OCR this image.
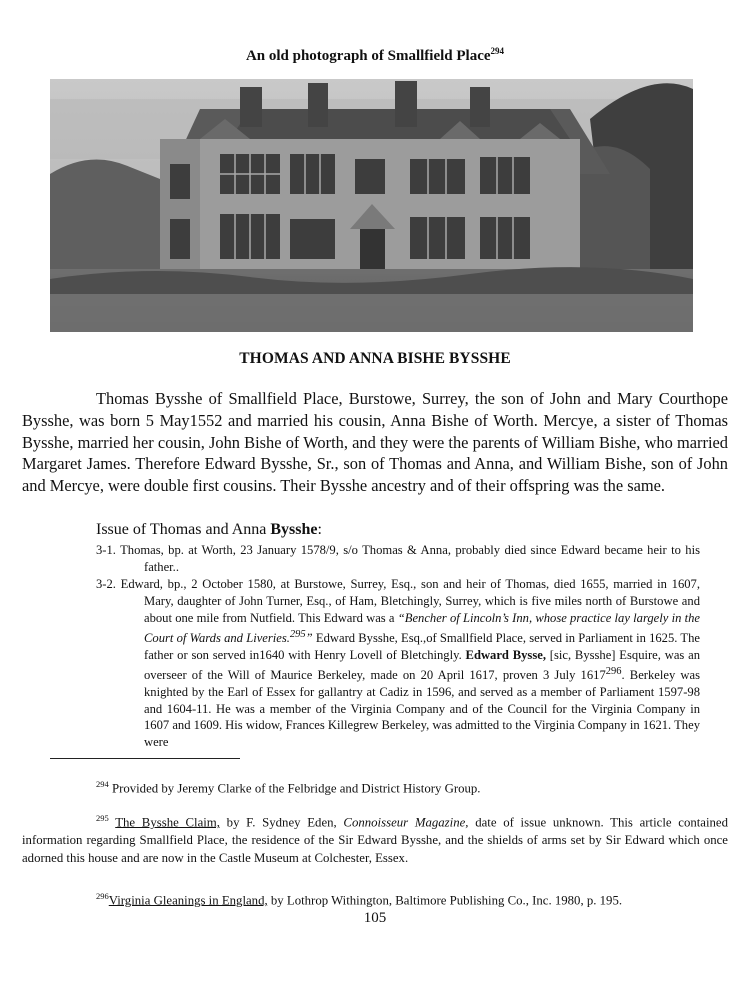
An old photograph of Smallfield Place$^{294}$
THOMAS AND ANNA BISHE BYSSHE

Thomas Bysshe of Smallfield Place, Burstowe, Surrey, the son of John and Mary Courthope Bysshe, was born 5 May1552 and married his cousin, Anna Bishe of Worth. Mercye, a sister of Thomas Bysshe, married her cousin, John Bishe of Worth, and they were the parents of William Bishe, who married Margaret James. Therefore Edward Bysshe, Sr., son of Thomas and Anna, and William Bishe, son of John and Mercye, were double first cousins. Their Bysshe ancestry and of their offspring was the same.

Issue of Thomas and Anna Bysshe:

3-1. Thomas, bp. at Worth, 23 January 1578/9, s/o Thomas & Anna, probably died since Edward became heir to his father..

3-2. Edward, bp., 2 October 1580, at Burstowe, Surrey, Esq., son and heir of Thomas, died 1655, married in 1607, Mary, daughter of John Turner, Esq., of Ham, Bletchingly, Surrey, which is five miles north of Burstowe and about one mile from Nutfield. This Edward was a “Bencher of Lincoln’s Inn, whose practice lay largely in the Court of Wards and Liveries.$^{295}$” Edward Bysshe, Esq.,of Smallfield Place, served in Parliament in 1625. The father or son served in1640 with Henry Lovell of Bletchingly. Edward Bysse, [sic, Bysshe] Esquire, was an overseer of the Will of Maurice Berkeley, made on 20 April 1617, proven 3 July 1617$^{296}$. Berkeley was knighted by the Earl of Essex for gallantry at Cadiz in 1596, and served as a member of Parliament 1597-98 and 1604-11. He was a member of the Virginia Company and of the Council for the Virginia Company in 1607 and 1609. His widow, Frances Killegrew Berkeley, was admitted to the Virginia Company in 1621. They were

$^{294}$ Provided by Jeremy Clarke of the Felbridge and District History Group.

$^{295}$ The Bysshe Claim, by F. Sydney Eden, Connoisseur Magazine, date of issue unknown. This article contained information regarding Smallfield Place, the residence of the Sir Edward Bysshe, and the shields of arms set by Sir Edward which once adorned this house and are now in the Castle Museum at Colchester, Essex.

$^{296}$Virginia Gleanings in England, by Lothrop Withington, Baltimore Publishing Co., Inc. 1980, p. 195.

105
